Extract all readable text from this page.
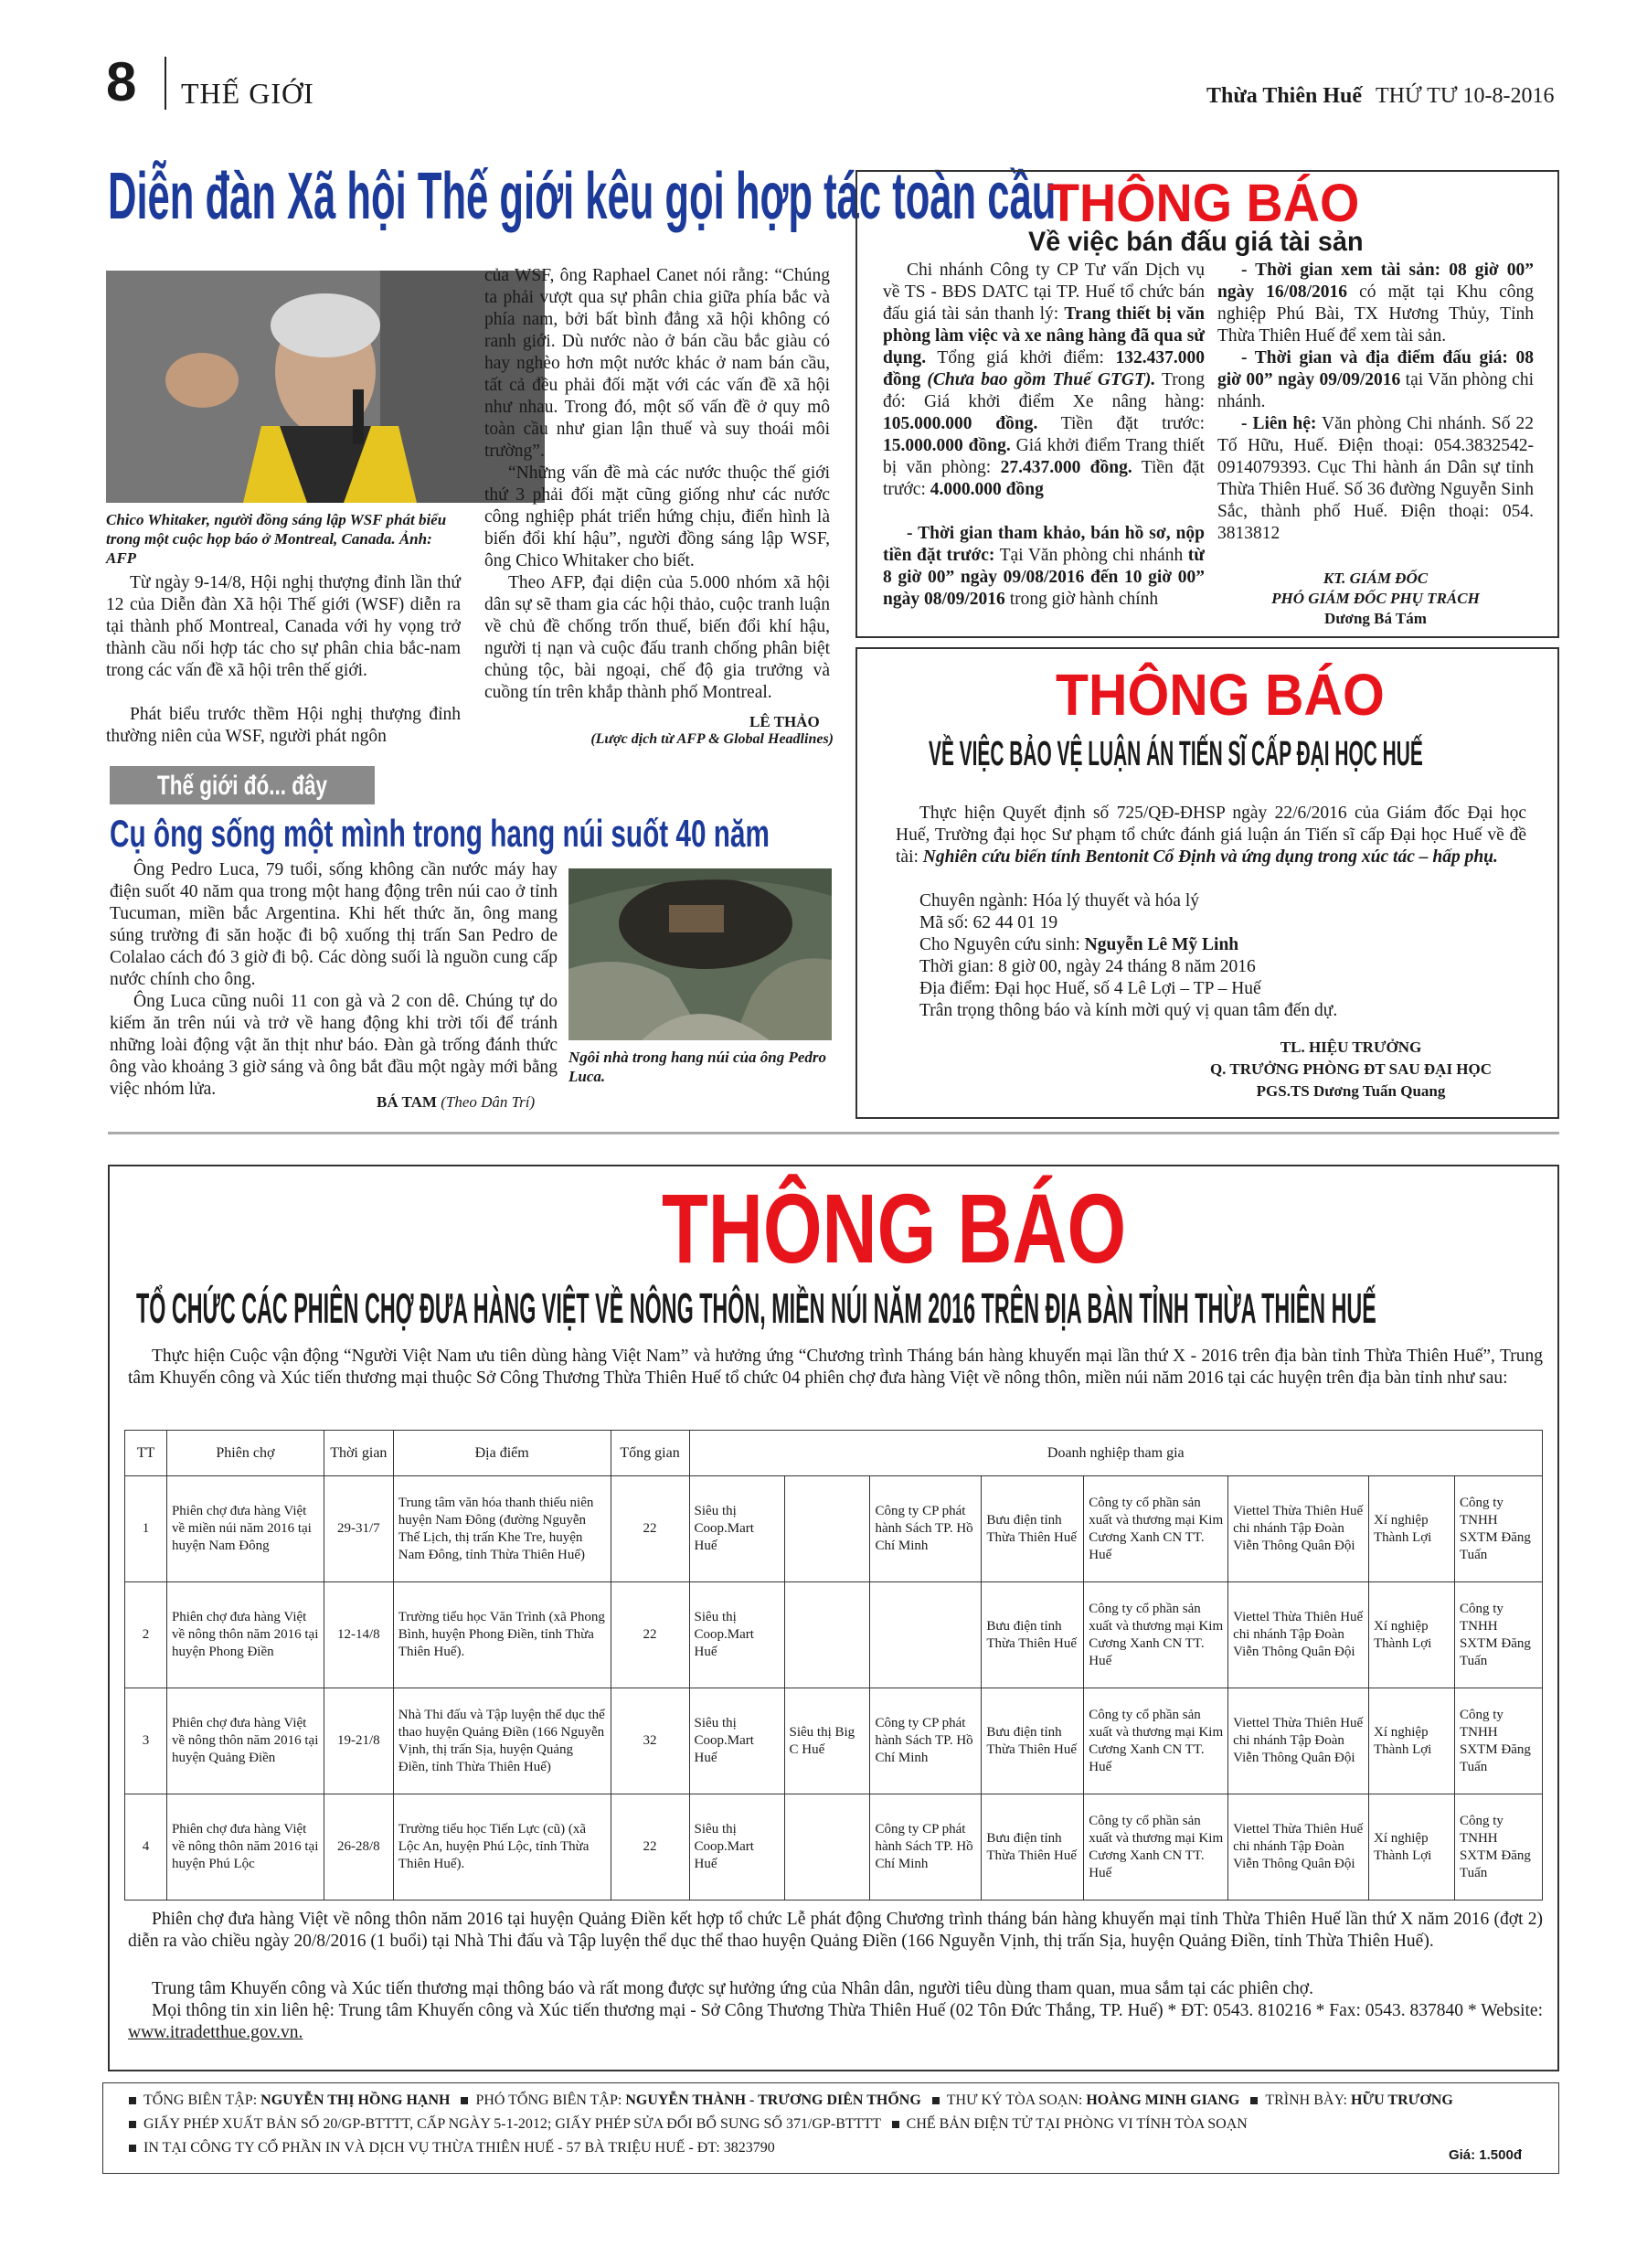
8 THẾ GIỚI	Thừa Thiên Huế THỨ TƯ 10-8-2016
Diễn đàn Xã hội Thế giới kêu gọi hợp tác toàn cầu
Chico Whitaker, người đồng sáng lập WSF phát biểu trong một cuộc họp báo ở Montreal, Canada. Ảnh: AFP

Từ ngày 9-14/8, Hội nghị thượng đỉnh lần thứ 12 của Diễn đàn Xã hội Thế giới (WSF) diễn ra tại thành phố Montreal, Canada với hy vọng trở thành cầu nối hợp tác cho sự phân chia bắc-nam trong các vấn đề xã hội trên thế giới.

Phát biểu trước thềm Hội nghị thượng đỉnh thường niên của WSF, người phát ngôn

của WSF, ông Raphael Canet nói rằng: “Chúng ta phải vượt qua sự phân chia giữa phía bắc và phía nam, bởi bất bình đẳng xã hội không có ranh giới. Dù nước nào ở bán cầu bắc giàu có hay nghèo hơn một nước khác ở nam bán cầu, tất cả đều phải đối mặt với các vấn đề xã hội như nhau. Trong đó, một số vấn đề ở quy mô toàn cầu như gian lận thuế và suy thoái môi trường”.

“Những vấn đề mà các nước thuộc thế giới thứ 3 phải đối mặt cũng giống như các nước công nghiệp phát triển hứng chịu, điển hình là biến đổi khí hậu”, người đồng sáng lập WSF, ông Chico Whitaker cho biết.

Theo AFP, đại diện của 5.000 nhóm xã hội dân sự sẽ tham gia các hội thảo, cuộc tranh luận về chủ đề chống trốn thuế, biến đổi khí hậu, người tị nạn và cuộc đấu tranh chống phân biệt chủng tộc, bài ngoại, chế độ gia trưởng và cuồng tín trên khắp thành phố Montreal.

LÊ THẢO
(Lược dịch từ AFP & Global Headlines)
Thế giới đó... đây
Cụ ông sống một mình trong hang núi suốt 40 năm

Ông Pedro Luca, 79 tuổi, sống không cần nước máy hay điện suốt 40 năm qua trong một hang động trên núi cao ở tỉnh Tucuman, miền bắc Argentina. Khi hết thức ăn, ông mang súng trường đi săn hoặc đi bộ xuống thị trấn San Pedro de Colalao cách đó 3 giờ đi bộ. Các dòng suối là nguồn cung cấp nước chính cho ông.

Ông Luca cũng nuôi 11 con gà và 2 con dê. Chúng tự do kiếm ăn trên núi và trở về hang động khi trời tối để tránh những loài động vật ăn thịt như báo. Đàn gà trống đánh thức ông vào khoảng 3 giờ sáng và ông bắt đầu một ngày mới bằng việc nhóm lửa.

BÁ TAM (Theo Dân Trí)
Ngôi nhà trong hang núi của ông Pedro Luca.
THÔNG BÁO
Về việc bán đấu giá tài sản

Chi nhánh Công ty CP Tư vấn Dịch vụ về TS - BĐS DATC tại TP. Huế tổ chức bán đấu giá tài sản thanh lý: Trang thiết bị văn phòng làm việc và xe nâng hàng đã qua sử dụng. Tổng giá khởi điểm: 132.437.000 đồng (Chưa bao gồm Thuế GTGT). Trong đó: Giá khởi điểm Xe nâng hàng: 105.000.000 đồng. Tiền đặt trước: 15.000.000 đồng. Giá khởi điểm Trang thiết bị văn phòng: 27.437.000 đồng. Tiền đặt trước: 4.000.000 đồng

- Thời gian tham khảo, bán hồ sơ, nộp tiền đặt trước: Tại Văn phòng chi nhánh từ 8 giờ 00” ngày 09/08/2016 đến 10 giờ 00” ngày 08/09/2016 trong giờ hành chính

- Thời gian xem tài sản: 08 giờ 00” ngày 16/08/2016 có mặt tại Khu công nghiệp Phú Bài, TX Hương Thủy, Tỉnh Thừa Thiên Huế để xem tài sản.

- Thời gian và địa điểm đấu giá: 08 giờ 00” ngày 09/09/2016 tại Văn phòng chi nhánh.

- Liên hệ: Văn phòng Chi nhánh. Số 22 Tố Hữu, Huế. Điện thoại: 054.3832542-0914079393. Cục Thi hành án Dân sự tỉnh Thừa Thiên Huế. Số 36 đường Nguyễn Sinh Sắc, thành phố Huế. Điện thoại: 054. 3813812

KT. GIÁM ĐỐC
PHÓ GIÁM ĐỐC PHỤ TRÁCH
Dương Bá Tám
THÔNG BÁO
VỀ VIỆC BẢO VỆ LUẬN ÁN TIẾN SĨ CẤP ĐẠI HỌC HUẾ

Thực hiện Quyết định số 725/QĐ-ĐHSP ngày 22/6/2016 của Giám đốc Đại học Huế, Trường đại học Sư phạm tổ chức đánh giá luận án Tiến sĩ cấp Đại học Huế về đề tài: Nghiên cứu biến tính Bentonit Cổ Định và ứng dụng trong xúc tác – hấp phụ.

Chuyên ngành: Hóa lý thuyết và hóa lý
Mã số: 62 44 01 19
Cho Nguyên cứu sinh: Nguyễn Lê Mỹ Linh
Thời gian: 8 giờ 00, ngày 24 tháng 8 năm 2016
Địa điểm: Đại học Huế, số 4 Lê Lợi – TP – Huế
Trân trọng thông báo và kính mời quý vị quan tâm đến dự.
TL. HIỆU TRƯỞNG
Q. TRƯỞNG PHÒNG ĐT SAU ĐẠI HỌC
PGS.TS Dương Tuấn Quang
THÔNG BÁO
TỔ CHỨC CÁC PHIÊN CHỢ ĐƯA HÀNG VIỆT VỀ NÔNG THÔN, MIỀN NÚI NĂM 2016 TRÊN ĐỊA BÀN TỈNH THỪA THIÊN HUẾ

Thực hiện Cuộc vận động “Người Việt Nam ưu tiên dùng hàng Việt Nam” và hưởng ứng “Chương trình Tháng bán hàng khuyến mại lần thứ X - 2016 trên địa bàn tỉnh Thừa Thiên Huế”, Trung tâm Khuyến công và Xúc tiến thương mại thuộc Sở Công Thương Thừa Thiên Huế tổ chức 04 phiên chợ đưa hàng Việt về nông thôn, miền núi năm 2016 tại các huyện trên địa bàn tỉnh như sau:

TT	Phiên chợ	Thời gian	Địa điểm	Tổng gian	Doanh nghiệp tham gia							
1	Phiên chợ đưa hàng Việt về miền núi năm 2016 tại huyện Nam Đông	29-31/7	Trung tâm văn hóa thanh thiếu niên huyện Nam Đông (đường Nguyễn Thế Lịch, thị trấn Khe Tre, huyện Nam Đông, tỉnh Thừa Thiên Huế)	22	Siêu thị Coop.Mart Huế		Công ty CP phát hành Sách TP. Hồ Chí Minh	Bưu điện tỉnh Thừa Thiên Huế	Công ty cổ phần sản xuất và thương mại Kim Cương Xanh CN TT. Huế	Viettel Thừa Thiên Huế chi nhánh Tập Đoàn Viễn Thông Quân Đội	Xí nghiệp Thành Lợi	Công ty TNHH SXTM Đăng Tuấn
2	Phiên chợ đưa hàng Việt về nông thôn năm 2016 tại huyện Phong Điền	12-14/8	Trường tiểu học Văn Trình (xã Phong Bình, huyện Phong Điền, tỉnh Thừa Thiên Huế).	22	Siêu thị Coop.Mart Huế			Bưu điện tỉnh Thừa Thiên Huế	Công ty cổ phần sản xuất và thương mại Kim Cương Xanh CN TT. Huế	Viettel Thừa Thiên Huế chi nhánh Tập Đoàn Viễn Thông Quân Đội	Xí nghiệp Thành Lợi	Công ty TNHH SXTM Đăng Tuấn
3	Phiên chợ đưa hàng Việt về nông thôn năm 2016 tại huyện Quảng Điền	19-21/8	Nhà Thi đấu và Tập luyện thể dục thể thao huyện Quảng Điền (166 Nguyễn Vịnh, thị trấn Sịa, huyện Quảng Điền, tỉnh Thừa Thiên Huế)	32	Siêu thị Coop.Mart Huế	Siêu thị Big C Huế	Công ty CP phát hành Sách TP. Hồ Chí Minh	Bưu điện tỉnh Thừa Thiên Huế	Công ty cổ phần sản xuất và thương mại Kim Cương Xanh CN TT. Huế	Viettel Thừa Thiên Huế chi nhánh Tập Đoàn Viễn Thông Quân Đội	Xí nghiệp Thành Lợi	Công ty TNHH SXTM Đăng Tuấn
4	Phiên chợ đưa hàng Việt về nông thôn năm 2016 tại huyện Phú Lộc	26-28/8	Trường tiểu học Tiến Lực (cũ) (xã Lộc An, huyện Phú Lộc, tỉnh Thừa Thiên Huế).	22	Siêu thị Coop.Mart Huế		Công ty CP phát hành Sách TP. Hồ Chí Minh	Bưu điện tỉnh Thừa Thiên Huế	Công ty cổ phần sản xuất và thương mại Kim Cương Xanh CN TT. Huế	Viettel Thừa Thiên Huế chi nhánh Tập Đoàn Viễn Thông Quân Đội	Xí nghiệp Thành Lợi	Công ty TNHH SXTM Đăng Tuấn

Phiên chợ đưa hàng Việt về nông thôn năm 2016 tại huyện Quảng Điền kết hợp tổ chức Lễ phát động Chương trình tháng bán hàng khuyến mại tỉnh Thừa Thiên Huế lần thứ X năm 2016 (đợt 2) diễn ra vào chiều ngày 20/8/2016 (1 buổi) tại Nhà Thi đấu và Tập luyện thể dục thể thao huyện Quảng Điền (166 Nguyễn Vịnh, thị trấn Sịa, huyện Quảng Điền, tỉnh Thừa Thiên Huế).

Trung tâm Khuyến công và Xúc tiến thương mại thông báo và rất mong được sự hưởng ứng của Nhân dân, người tiêu dùng tham quan, mua sắm tại các phiên chợ.

Mọi thông tin xin liên hệ: Trung tâm Khuyến công và Xúc tiến thương mại - Sở Công Thương Thừa Thiên Huế (02 Tôn Đức Thắng, TP. Huế) * ĐT: 0543. 810216 * Fax: 0543. 837840 * Website: www.itradetthue.gov.vn.

TỔNG BIÊN TẬP: NGUYỄN THỊ HỒNG HẠNH PHÓ TỔNG BIÊN TẬP: NGUYỄN THÀNH - TRƯƠNG DIÊN THỐNG THƯ KÝ TÒA SOẠN: HOÀNG MINH GIANG TRÌNH BÀY: HỮU TRƯƠNG
GIẤY PHÉP XUẤT BẢN SỐ 20/GP-BTTTT, CẤP NGÀY 5-1-2012; GIẤY PHÉP SỬA ĐỔI BỔ SUNG SỐ 371/GP-BTTTT CHẾ BẢN ĐIỆN TỬ TẠI PHÒNG VI TÍNH TÒA SOẠN
IN TẠI CÔNG TY CỔ PHẦN IN VÀ DỊCH VỤ THỪA THIÊN HUẾ - 57 BÀ TRIỆU HUẾ - ĐT: 3823790	Giá: 1.500đ
